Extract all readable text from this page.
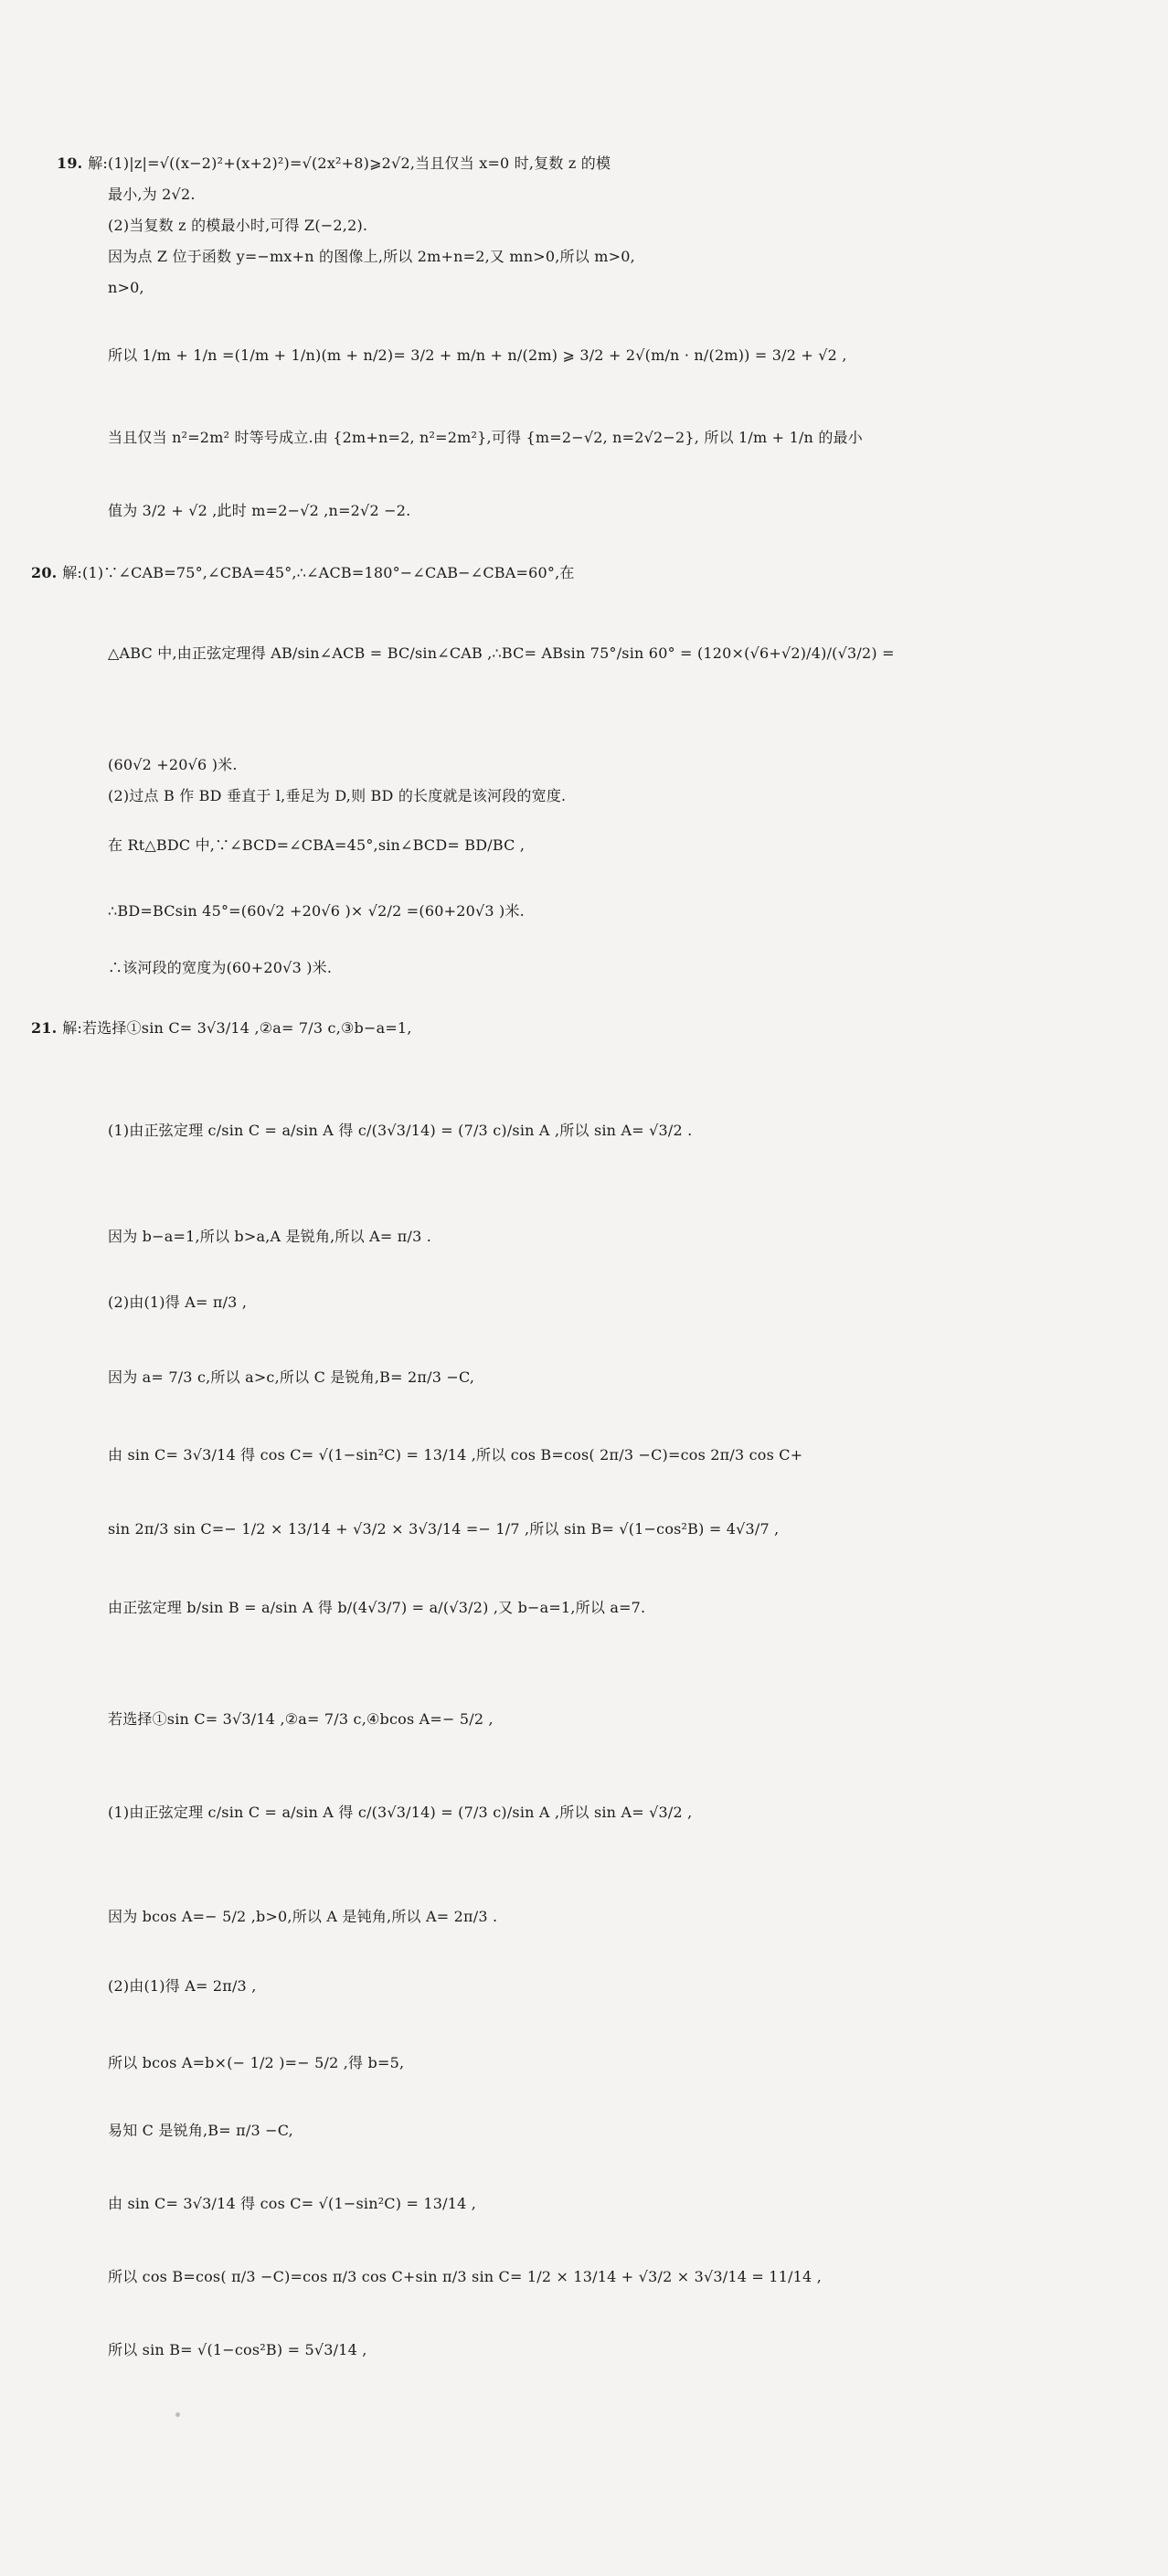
19. 解:(1)|z|=√((x−2)²+(x+2)²)=√(2x²+8)⩾2√2,当且仅当 x=0 时,复数 z 的模
最小,为 2√2.
(2)当复数 z 的模最小时,可得 Z(−2,2).
因为点 Z 位于函数 y=−mx+n 的图像上,所以 2m+n=2,又 mn>0,所以 m>0,
n>0,
所以 1/m + 1/n =(1/m + 1/n)(m + n/2)= 3/2 + m/n + n/(2m) ⩾ 3/2 + 2√(m/n · n/(2m)) = 3/2 + √2 ,
当且仅当 n²=2m² 时等号成立.由 {2m+n=2, n²=2m²},可得 {m=2−√2, n=2√2−2}, 所以 1/m + 1/n 的最小
值为 3/2 + √2 ,此时 m=2−√2 ,n=2√2 −2.
20. 解:(1)∵∠CAB=75°,∠CBA=45°,∴∠ACB=180°−∠CAB−∠CBA=60°,在
△ABC 中,由正弦定理得 AB/sin∠ACB = BC/sin∠CAB ,∴BC= ABsin 75°/sin 60° = (120×(√6+√2)/4)/(√3/2) =
(60√2 +20√6 )米.
(2)过点 B 作 BD 垂直于 l,垂足为 D,则 BD 的长度就是该河段的宽度.
在 Rt△BDC 中,∵∠BCD=∠CBA=45°,sin∠BCD= BD/BC ,
∴BD=BCsin 45°=(60√2 +20√6 )× √2/2 =(60+20√3 )米.
∴该河段的宽度为(60+20√3 )米.
21. 解:若选择①sin C= 3√3/14 ,②a= 7/3 c,③b−a=1,
(1)由正弦定理 c/sin C = a/sin A 得 c/(3√3/14) = (7/3 c)/sin A ,所以 sin A= √3/2 .
因为 b−a=1,所以 b>a,A 是锐角,所以 A= π/3 .
(2)由(1)得 A= π/3 ,
因为 a= 7/3 c,所以 a>c,所以 C 是锐角,B= 2π/3 −C,
由 sin C= 3√3/14 得 cos C= √(1−sin²C) = 13/14 ,所以 cos B=cos( 2π/3 −C)=cos 2π/3 cos C+
sin 2π/3 sin C=− 1/2 × 13/14 + √3/2 × 3√3/14 =− 1/7 ,所以 sin B= √(1−cos²B) = 4√3/7 ,
由正弦定理 b/sin B = a/sin A 得 b/(4√3/7) = a/(√3/2) ,又 b−a=1,所以 a=7.
若选择①sin C= 3√3/14 ,②a= 7/3 c,④bcos A=− 5/2 ,
(1)由正弦定理 c/sin C = a/sin A 得 c/(3√3/14) = (7/3 c)/sin A ,所以 sin A= √3/2 ,
因为 bcos A=− 5/2 ,b>0,所以 A 是钝角,所以 A= 2π/3 .
(2)由(1)得 A= 2π/3 ,
所以 bcos A=b×(− 1/2 )=− 5/2 ,得 b=5,
易知 C 是锐角,B= π/3 −C,
由 sin C= 3√3/14 得 cos C= √(1−sin²C) = 13/14 ,
所以 cos B=cos( π/3 −C)=cos π/3 cos C+sin π/3 sin C= 1/2 × 13/14 + √3/2 × 3√3/14 = 11/14 ,
所以 sin B= √(1−cos²B) = 5√3/14 ,
